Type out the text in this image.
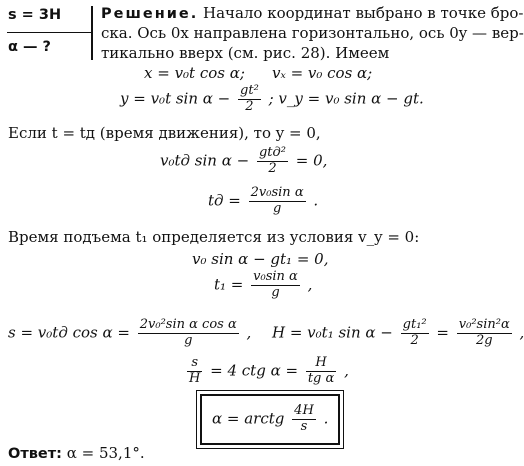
s = 3H
α — ?
Решение. Начало координат выбрано в точке бро-
ска. Ось 0x направлена горизонтально, ось 0y — вер-
тикально вверх (см. рис. 28). Имеем
x = v₀t cos α; vₓ = v₀ cos α;
y = v₀t $\sin \alpha - \frac{\text{gt²}}{2}$ ; v_y = v₀ sin α − gt.
Если t = tд (время движения), то y = 0,
v₀tд $\sin \alpha - \frac{\text{gtд²}}{2} = 0$,
tд = $\frac{\text{2v₀sin α}}{g}$ .
Время подъема t₁ определяется из условия v_y = 0:
v₀ sin α − gt₁ = 0,
$t_1 = \frac{\text{v₀sin α}}{g}$ ,
s = v₀tд $\cos \alpha = \frac{\text{2v₀²sin α cos α}}{g}$ , H = v₀t₁ $\sin \alpha - \frac{\text{gt₁²}}{2} = \frac{\text{v₀²sin²α}}{2g}$ ,
$\frac{s}{H} = 4$ ctg $\alpha = \frac{H}{\text{tg α}}$ ,
α = arctg $\frac{4H}{s}$ .
Ответ: α = 53,1°.
